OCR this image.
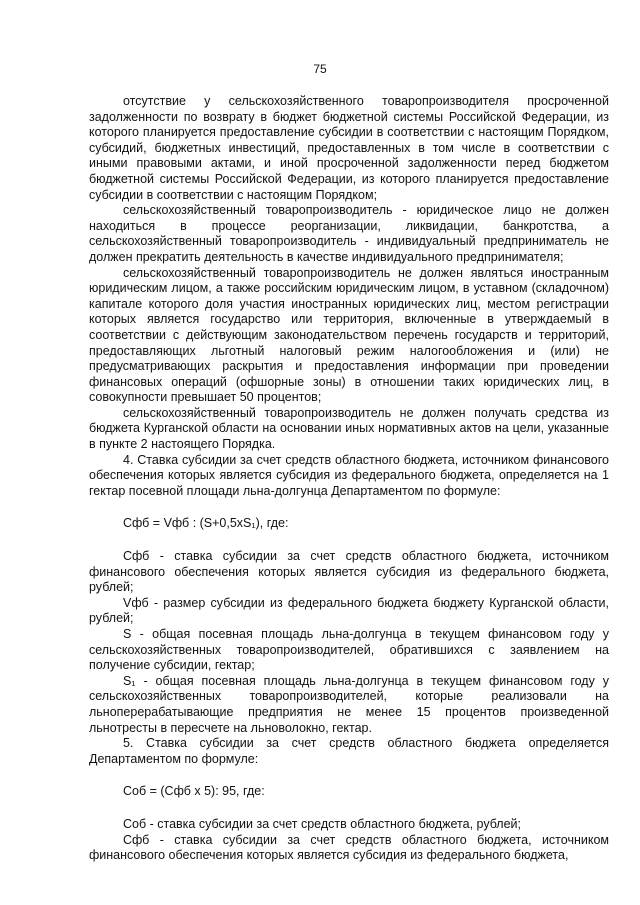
75

отсутствие у сельскохозяйственного товаропроизводителя просроченной задолженности по возврату в бюджет бюджетной системы Российской Федерации, из которого планируется предоставление субсидии в соответствии с настоящим Порядком, субсидий, бюджетных инвестиций, предоставленных в том числе в соответствии с иными правовыми актами, и иной просроченной задолженности перед бюджетом бюджетной системы Российской Федерации, из которого планируется предоставление субсидии в соответствии с настоящим Порядком;

сельскохозяйственный товаропроизводитель - юридическое лицо не должен находиться в процессе реорганизации, ликвидации, банкротства, а сельскохозяйственный товаропроизводитель - индивидуальный предприниматель не должен прекратить деятельность в качестве индивидуального предпринимателя;

сельскохозяйственный товаропроизводитель не должен являться иностранным юридическим лицом, а также российским юридическим лицом, в уставном (складочном) капитале которого доля участия иностранных юридических лиц, местом регистрации которых является государство или территория, включенные в утверждаемый в соответствии с действующим законодательством перечень государств и территорий, предоставляющих льготный налоговый режим налогообложения и (или) не предусматривающих раскрытия и предоставления информации при проведении финансовых операций (офшорные зоны) в отношении таких юридических лиц, в совокупности превышает 50 процентов;

сельскохозяйственный товаропроизводитель не должен получать средства из бюджета Курганской области на основании иных нормативных актов на цели, указанные в пункте 2 настоящего Порядка.

4. Ставка субсидии за счет средств областного бюджета, источником финансового обеспечения которых является субсидия из федерального бюджета, определяется на 1 гектар посевной площади льна-долгунца Департаментом по формуле:

Сфб = Vфб : (S+0,5xS₁), где:

Сфб - ставка субсидии за счет средств областного бюджета, источником финансового обеспечения которых является субсидия из федерального бюджета, рублей;

Vфб - размер субсидии из федерального бюджета бюджету Курганской области, рублей;

S - общая посевная площадь льна-долгунца в текущем финансовом году у сельскохозяйственных товаропроизводителей, обратившихся с заявлением на получение субсидии, гектар;

S₁ - общая посевная площадь льна-долгунца в текущем финансовом году у сельскохозяйственных товаропроизводителей, которые реализовали на льноперерабатывающие предприятия не менее 15 процентов произведенной льнотресты в пересчете на льноволокно, гектар.

5. Ставка субсидии за счет средств областного бюджета определяется Департаментом по формуле:

Соб = (Сфб x 5): 95, где:

Соб - ставка субсидии за счет средств областного бюджета, рублей;

Сфб - ставка субсидии за счет средств областного бюджета, источником финансового обеспечения которых является субсидия из федерального бюджета,
